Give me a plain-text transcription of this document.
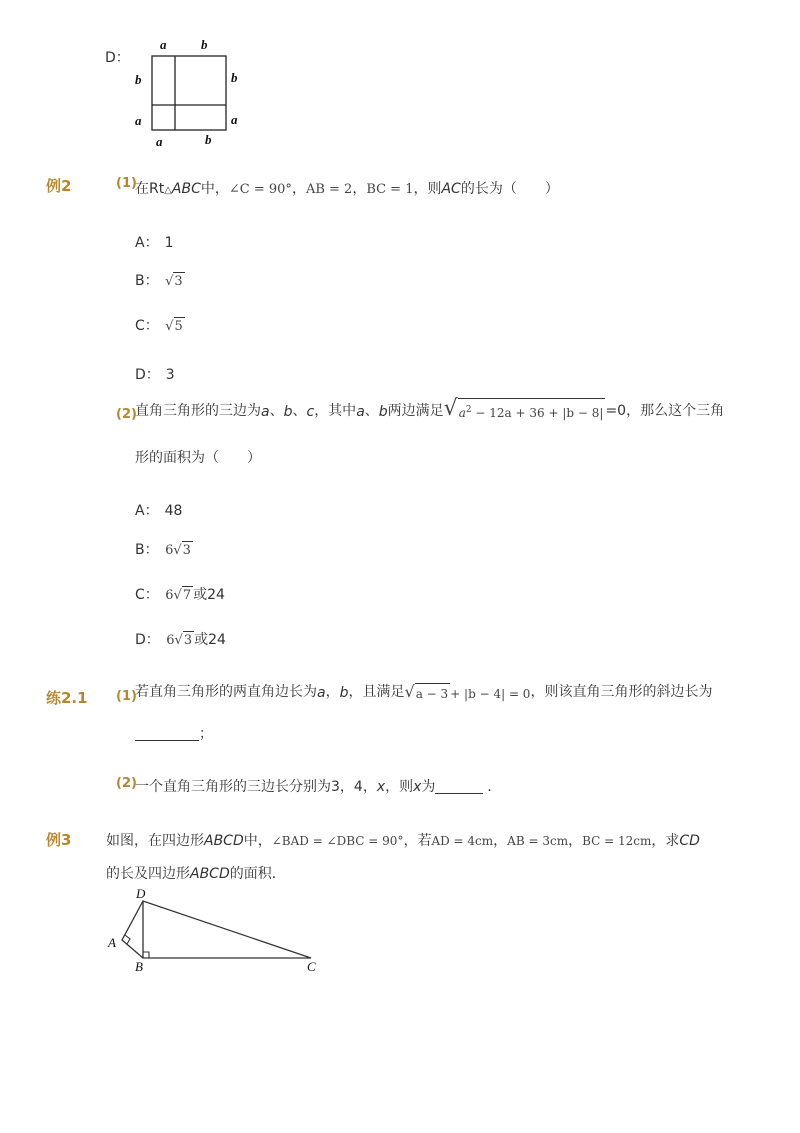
D：
a	b
b	b
a	a
a	b
例2	(1)
在Rt△ABC中，∠C = 90°，AB = 2，BC = 1，则AC的长为（　　）
A： 1
B： √ 3
C： √ 5
D： 3
(2)
直角三角形的三边为 a 、 b 、 c ，其中 a 、 b 两边满足 √ $a^2 - 12a + 36 + |b - 8| =0$，那么这个三角
形的面积为（　　）
A： 48
B： 6 √ 3
C： 6 √ 7 或24
D： 6 √ 3 或24
练2.1 (1)
若直角三角形的两直角边长为 a ， b ，且满足 √ a − 3 + |b − 4| = 0 ，则该直角三角形的斜边长为
；
(2)
一个直角三角形的三边长分别为3，4，x，则x为	．
例3 如图，在四边形ABCD中，∠BAD = ∠DBC = 90°，若AD = 4cm，AB = 3cm，BC = 12cm，求CD
的长及四边形ABCD的面积．
D
A
B	C
